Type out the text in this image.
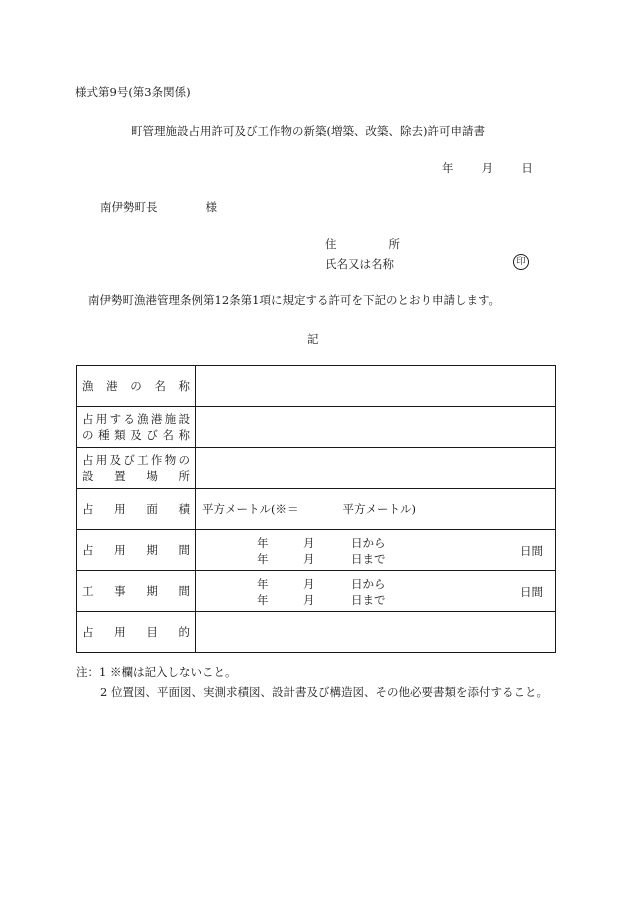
様式第9号(第3条関係)
町管理施設占用許可及び工作物の新築(増築、改築、除去)許可申請書
年 月 日
南伊勢町長	様
住 所
氏名又は名称	印
南伊勢町漁港管理条例第12条第1項に規定する許可を下記のとおり申請します。
記
漁港の名称	

占用する漁港施設
の種類及び名称	

占用及び工作物の
設置場所	

占用面積	平方メートル(※＝ 平方メートル)

占用期間	年 月 日から
年 月 日まで
日間

工事期間	年 月 日から
年 月 日まで
日間

占用目的	

注：1 ※欄は記入しないこと。
2 位置図、平面図、実測求積図、設計書及び構造図、その他必要書類を添付すること。
